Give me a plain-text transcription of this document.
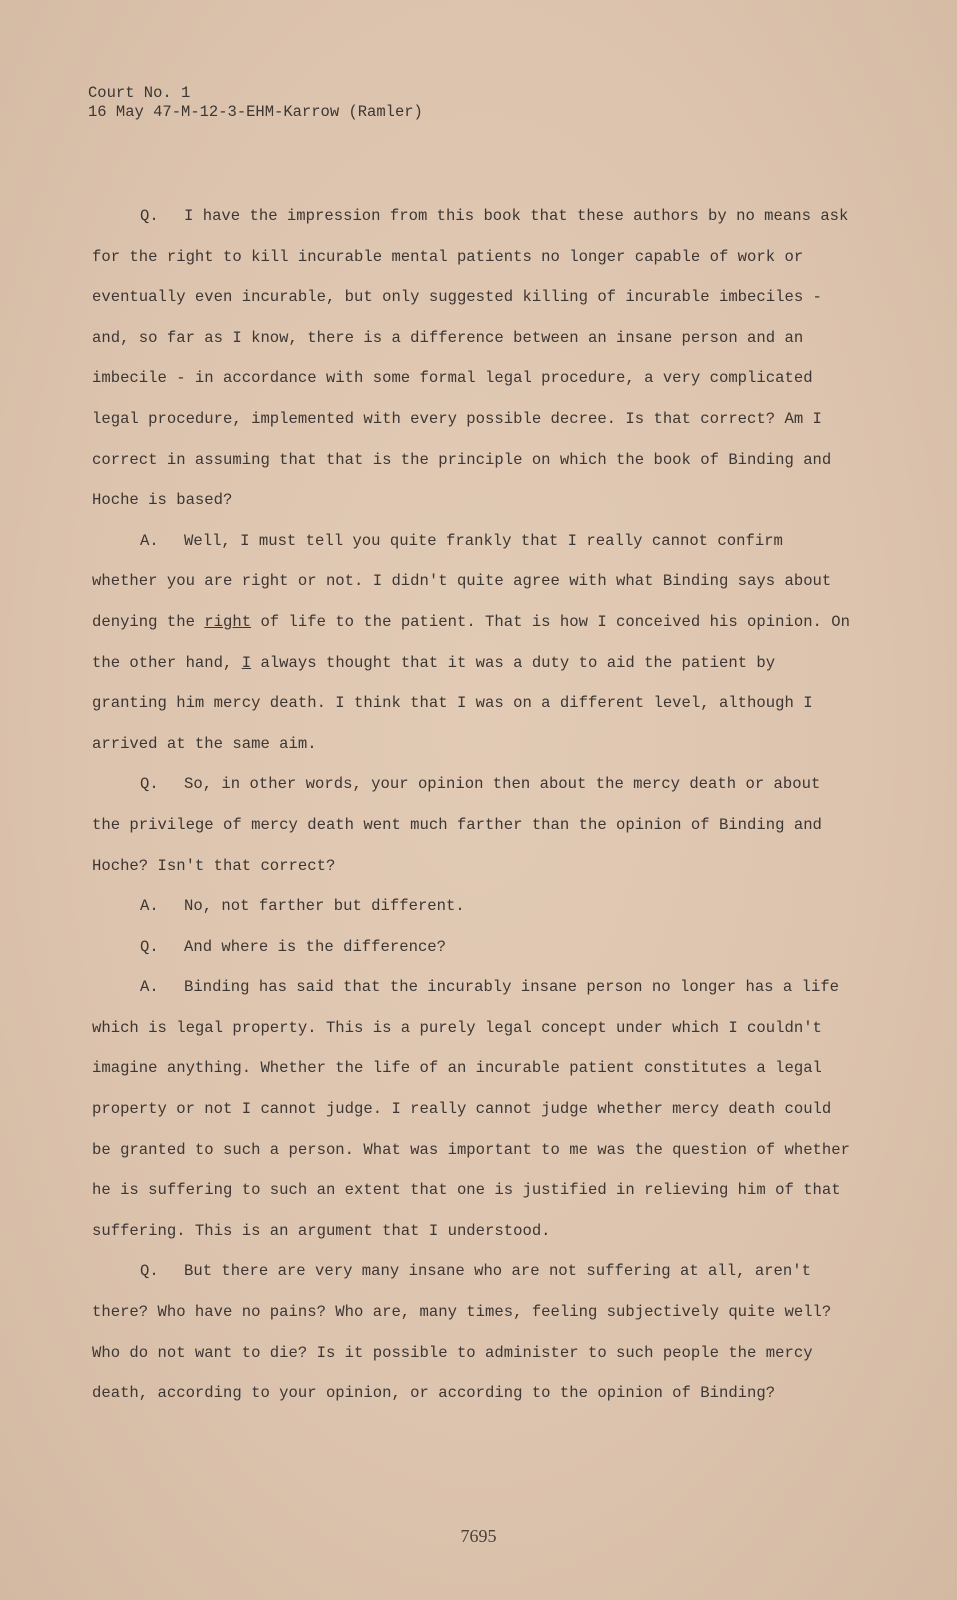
Court No. 1
16 May 47-M-12-3-EHM-Karrow (Ramler)

Q. I have the impression from this book that these authors by no means ask for the right to kill incurable mental patients no longer capable of work or eventually even incurable, but only suggested killing of incurable imbeciles - and, so far as I know, there is a difference between an insane person and an imbecile - in accordance with some formal legal procedure, a very complicated legal procedure, implemented with every possible decree. Is that correct? Am I correct in assuming that that is the principle on which the book of Binding and Hoche is based?

A. Well, I must tell you quite frankly that I really cannot confirm whether you are right or not. I didn't quite agree with what Binding says about denying the right of life to the patient. That is how I conceived his opinion. On the other hand, I always thought that it was a duty to aid the patient by granting him mercy death. I think that I was on a different level, although I arrived at the same aim.

Q. So, in other words, your opinion then about the mercy death or about the privilege of mercy death went much farther than the opinion of Binding and Hoche? Isn't that correct?

A. No, not farther but different.

Q. And where is the difference?

A. Binding has said that the incurably insane person no longer has a life which is legal property. This is a purely legal concept under which I couldn't imagine anything. Whether the life of an incurable patient constitutes a legal property or not I cannot judge. I really cannot judge whether mercy death could be granted to such a person. What was important to me was the question of whether he is suffering to such an extent that one is justified in relieving him of that suffering. This is an argument that I understood.

Q. But there are very many insane who are not suffering at all, aren't there? Who have no pains? Who are, many times, feeling subjectively quite well? Who do not want to die? Is it possible to administer to such people the mercy death, according to your opinion, or according to the opinion of Binding?

7695
